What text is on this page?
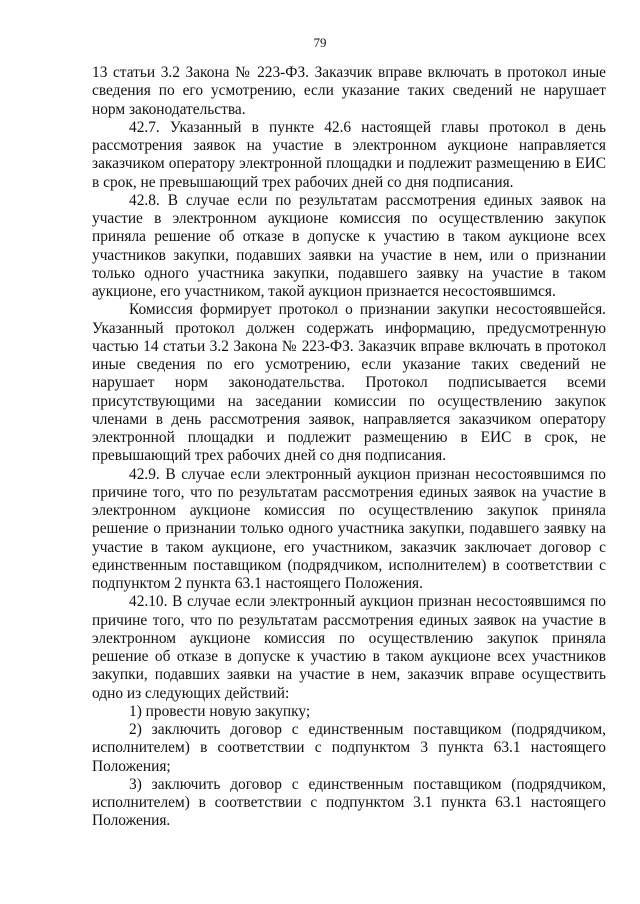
79

13 статьи 3.2 Закона № 223-ФЗ. Заказчик вправе включать в протокол иные сведения по его усмотрению, если указание таких сведений не нарушает норм законодательства.

42.7. Указанный в пункте 42.6 настоящей главы протокол в день рассмотрения заявок на участие в электронном аукционе направляется заказчиком оператору электронной площадки и подлежит размещению в ЕИС в срок, не превышающий трех рабочих дней со дня подписания.

42.8. В случае если по результатам рассмотрения единых заявок на участие в электронном аукционе комиссия по осуществлению закупок приняла решение об отказе в допуске к участию в таком аукционе всех участников закупки, подавших заявки на участие в нем, или о признании только одного участника закупки, подавшего заявку на участие в таком аукционе, его участником, такой аукцион признается несостоявшимся.

Комиссия формирует протокол о признании закупки несостоявшейся. Указанный протокол должен содержать информацию, предусмотренную частью 14 статьи 3.2 Закона № 223-ФЗ. Заказчик вправе включать в протокол иные сведения по его усмотрению, если указание таких сведений не нарушает норм законодательства. Протокол подписывается всеми присутствующими на заседании комиссии по осуществлению закупок членами в день рассмотрения заявок, направляется заказчиком оператору электронной площадки и подлежит размещению в ЕИС в срок, не превышающий трех рабочих дней со дня подписания.

42.9. В случае если электронный аукцион признан несостоявшимся по причине того, что по результатам рассмотрения единых заявок на участие в электронном аукционе комиссия по осуществлению закупок приняла решение о признании только одного участника закупки, подавшего заявку на участие в таком аукционе, его участником, заказчик заключает договор с единственным поставщиком (подрядчиком, исполнителем) в соответствии с подпунктом 2 пункта 63.1 настоящего Положения.

42.10. В случае если электронный аукцион признан несостоявшимся по причине того, что по результатам рассмотрения единых заявок на участие в электронном аукционе комиссия по осуществлению закупок приняла решение об отказе в допуске к участию в таком аукционе всех участников закупки, подавших заявки на участие в нем, заказчик вправе осуществить одно из следующих действий:

1) провести новую закупку;

2) заключить договор с единственным поставщиком (подрядчиком, исполнителем) в соответствии с подпунктом 3 пункта 63.1 настоящего Положения;

3) заключить договор с единственным поставщиком (подрядчиком, исполнителем) в соответствии с подпунктом 3.1 пункта 63.1 настоящего Положения.
